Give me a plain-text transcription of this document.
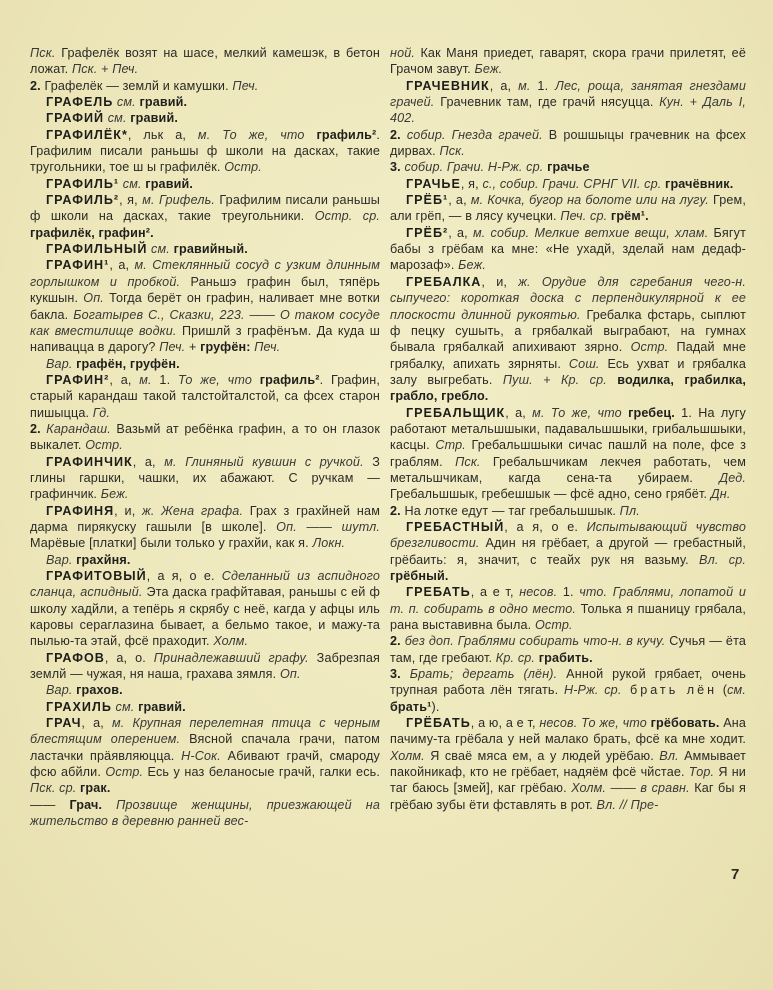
Пск. Графелёк возят на шасе, мелкий камешэк, в бетон ложат. Пск. + Печ.

2. Графелёк — землй и камушки. Печ.

ГРАФЕЛЬ см. гравий.

ГРАФИЙ см. гравий.

ГРАФИЛЁК*, льк а, м. То же, что графиль². Графилим писали раньшы ф школи на дасках, такие тругольники, тое ш ы графилёк. Остр.

ГРАФИЛЬ¹ см. гравий.

ГРАФИЛЬ², я, м. Грифель. Графилим писали раньшы ф школи на дасках, такие треугольники. Остр. ср. графилёк, графин².

ГРАФИЛЬНЫЙ см. гравийный.

ГРАФИН¹, а, м. Стеклянный сосуд с узким длинным горлышком и пробкой. Раньшэ графин был, тяпёрь кукшын. Оп. Тогда берёт он графин, наливает мне вотки бакла. Богатырев С., Сказки, 223. —— О таком сосуде как вместилище водки. Пришлй з графёнъм. Да куда ш напиваццa в дарогу? Печ. + груфён: Печ.

Вар. графён, груфён.

ГРАФИН², а, м. 1. То же, что графиль². Графин, старый карандаш такой талстойталстой, са фсех старон пишыцца. Гд.

2. Карандаш. Вазьмй ат ребёнка графин, а то он глазок выкалет. Остр.

ГРАФИНЧИК, а, м. Глиняный кувшин с ручкой. З глины гаршки, чашки, их абажают. С ручкам — графинчик. Беж.

ГРАФИНЯ, и, ж. Жена графа. Грах з грахйней нам дарма пирякуску гашыли [в школе]. Оп. —— шутл. Марёвые [платки] были только у грахйи, как я. Локн.

Вар. грахйня.

ГРАФИТОВЫЙ, а я, о е. Сделанный из аспидного сланца, аспидный. Эта даска графйтавая, раньшы с ей ф школу хадйли, а тепёрь я скрябу с неё, кагда у афцы иль каровы сераглазина бывает, а бельмо такое, и мажу-та пылью-та этай, фсё праходит. Холм.

ГРАФОВ, а, о. Принадлежавший графу. Забрезпая землй — чужая, ня наша, грахава зямля. Оп.

Вар. грахов.

ГРАХИЛЬ см. гравий.

ГРАЧ, а, м. Крупная перелетная птица с черным блестящим оперением. Вясной спачала грачи, патом ластачки прäявляюцца. Н-Сок. Абивают грачй, смароду фсю абйли. Остр. Есь у наз беланосые грачй, галки есь. Пск. ср. грак.

—— Грач. Прозвище женщины, приезжающей на жительство в деревню ранней вес-

ной. Как Маня приедет, гаварят, скора грачи прилетят, её Грачом завут. Беж.

ГРАЧЕВНИК, а, м. 1. Лес, роща, занятая гнездами грачей. Грачевник там, где грачй нясуцца. Кун. + Даль I, 402.

2. собир. Гнезда грачей. В рошшыцы грачевник на фсех дирвах. Пск.

3. собир. Грачи. Н-Рж. ср. грачье

ГРАЧЬЕ, я, с., собир. Грачи. СРНГ VII. ср. грачёвник.

ГРЁБ¹, а, м. Кочка, бугор на болоте или на лугу. Грем, али грёп, — в лясу кучецки. Печ. ср. грём¹.

ГРЁБ², а, м. собир. Мелкие ветхие вещи, хлам. Бягут бабы з грёбам ка мне: «Не ухадй, зделай нам дедаф-марозаф». Беж.

ГРЕБАЛКА, и, ж. Орудие для сгребания чего-н. сыпучего: короткая доска с перпендикулярной к ее плоскости длинной рукоятью. Гребалка фстарь, сыплют ф пецку сушыть, а грябалкай выграбают, на гумнах бывала грябалкай апихивают зярно. Остр. Падай мне грябалку, апихать зярняты. Сош. Есь ухват и грябалка залу выгребать. Пуш. + Кр. ср. водилка, грабилка, грабло, гребло.

ГРЕБАЛЬЩИК, а, м. То же, что гребец. 1. На лугу работают метальшшыки, падавальшшыки, грибальшшыки, касцы. Стр. Гребальшшыки сичас пашлй на поле, фсе з граблям. Пск. Гребальшчикам лекчея работать, чем метальшчикам, кагда сена-та убираем. Дед. Гребальшшык, гребешшык — фсё адно, сено грябёт. Дн.

2. На лотке едут — таг гребальшшык. Пл.

ГРЕБАСТНЫЙ, а я, о е. Испытывающий чувство брезгливости. Адин ня грёбает, а другой — гребастный, грёбаить: я, значит, с теайх рук ня вазьму. Вл. ср. грёбный.

ГРЕБАТЬ, а е т, несов. 1. что. Граблями, лопатой и т. п. собирать в одно место. Толька я пшаницу грябала, рана выставивна была. Остр.

2. без доп. Граблями собирать что-н. в кучу. Сучья — ёта там, где гребают. Кр. ср. грабить.

3. Брать; дергать (лён). Анной рукой грябает, очень трупная работа лён тягать. Н-Рж. ср. брать лён (см. брать¹).

ГРЁБАТЬ, а ю, а е т, несов. То же, что грёбовать. Ана пачиму-та грёбала у ней малако брать, фсё ка мне ходит. Холм. Я сваё мяса ем, а у людей урёбаю. Вл. Аммывает пакойникаф, кто не грёбает, надяём фсё чйстае. Тор. Я ни таг баюсь [змей], каг грёбаю. Холм. —— в сравн. Каг бы я грёбаю зубы ёти фставлять в рот. Вл. // Пре-

7
